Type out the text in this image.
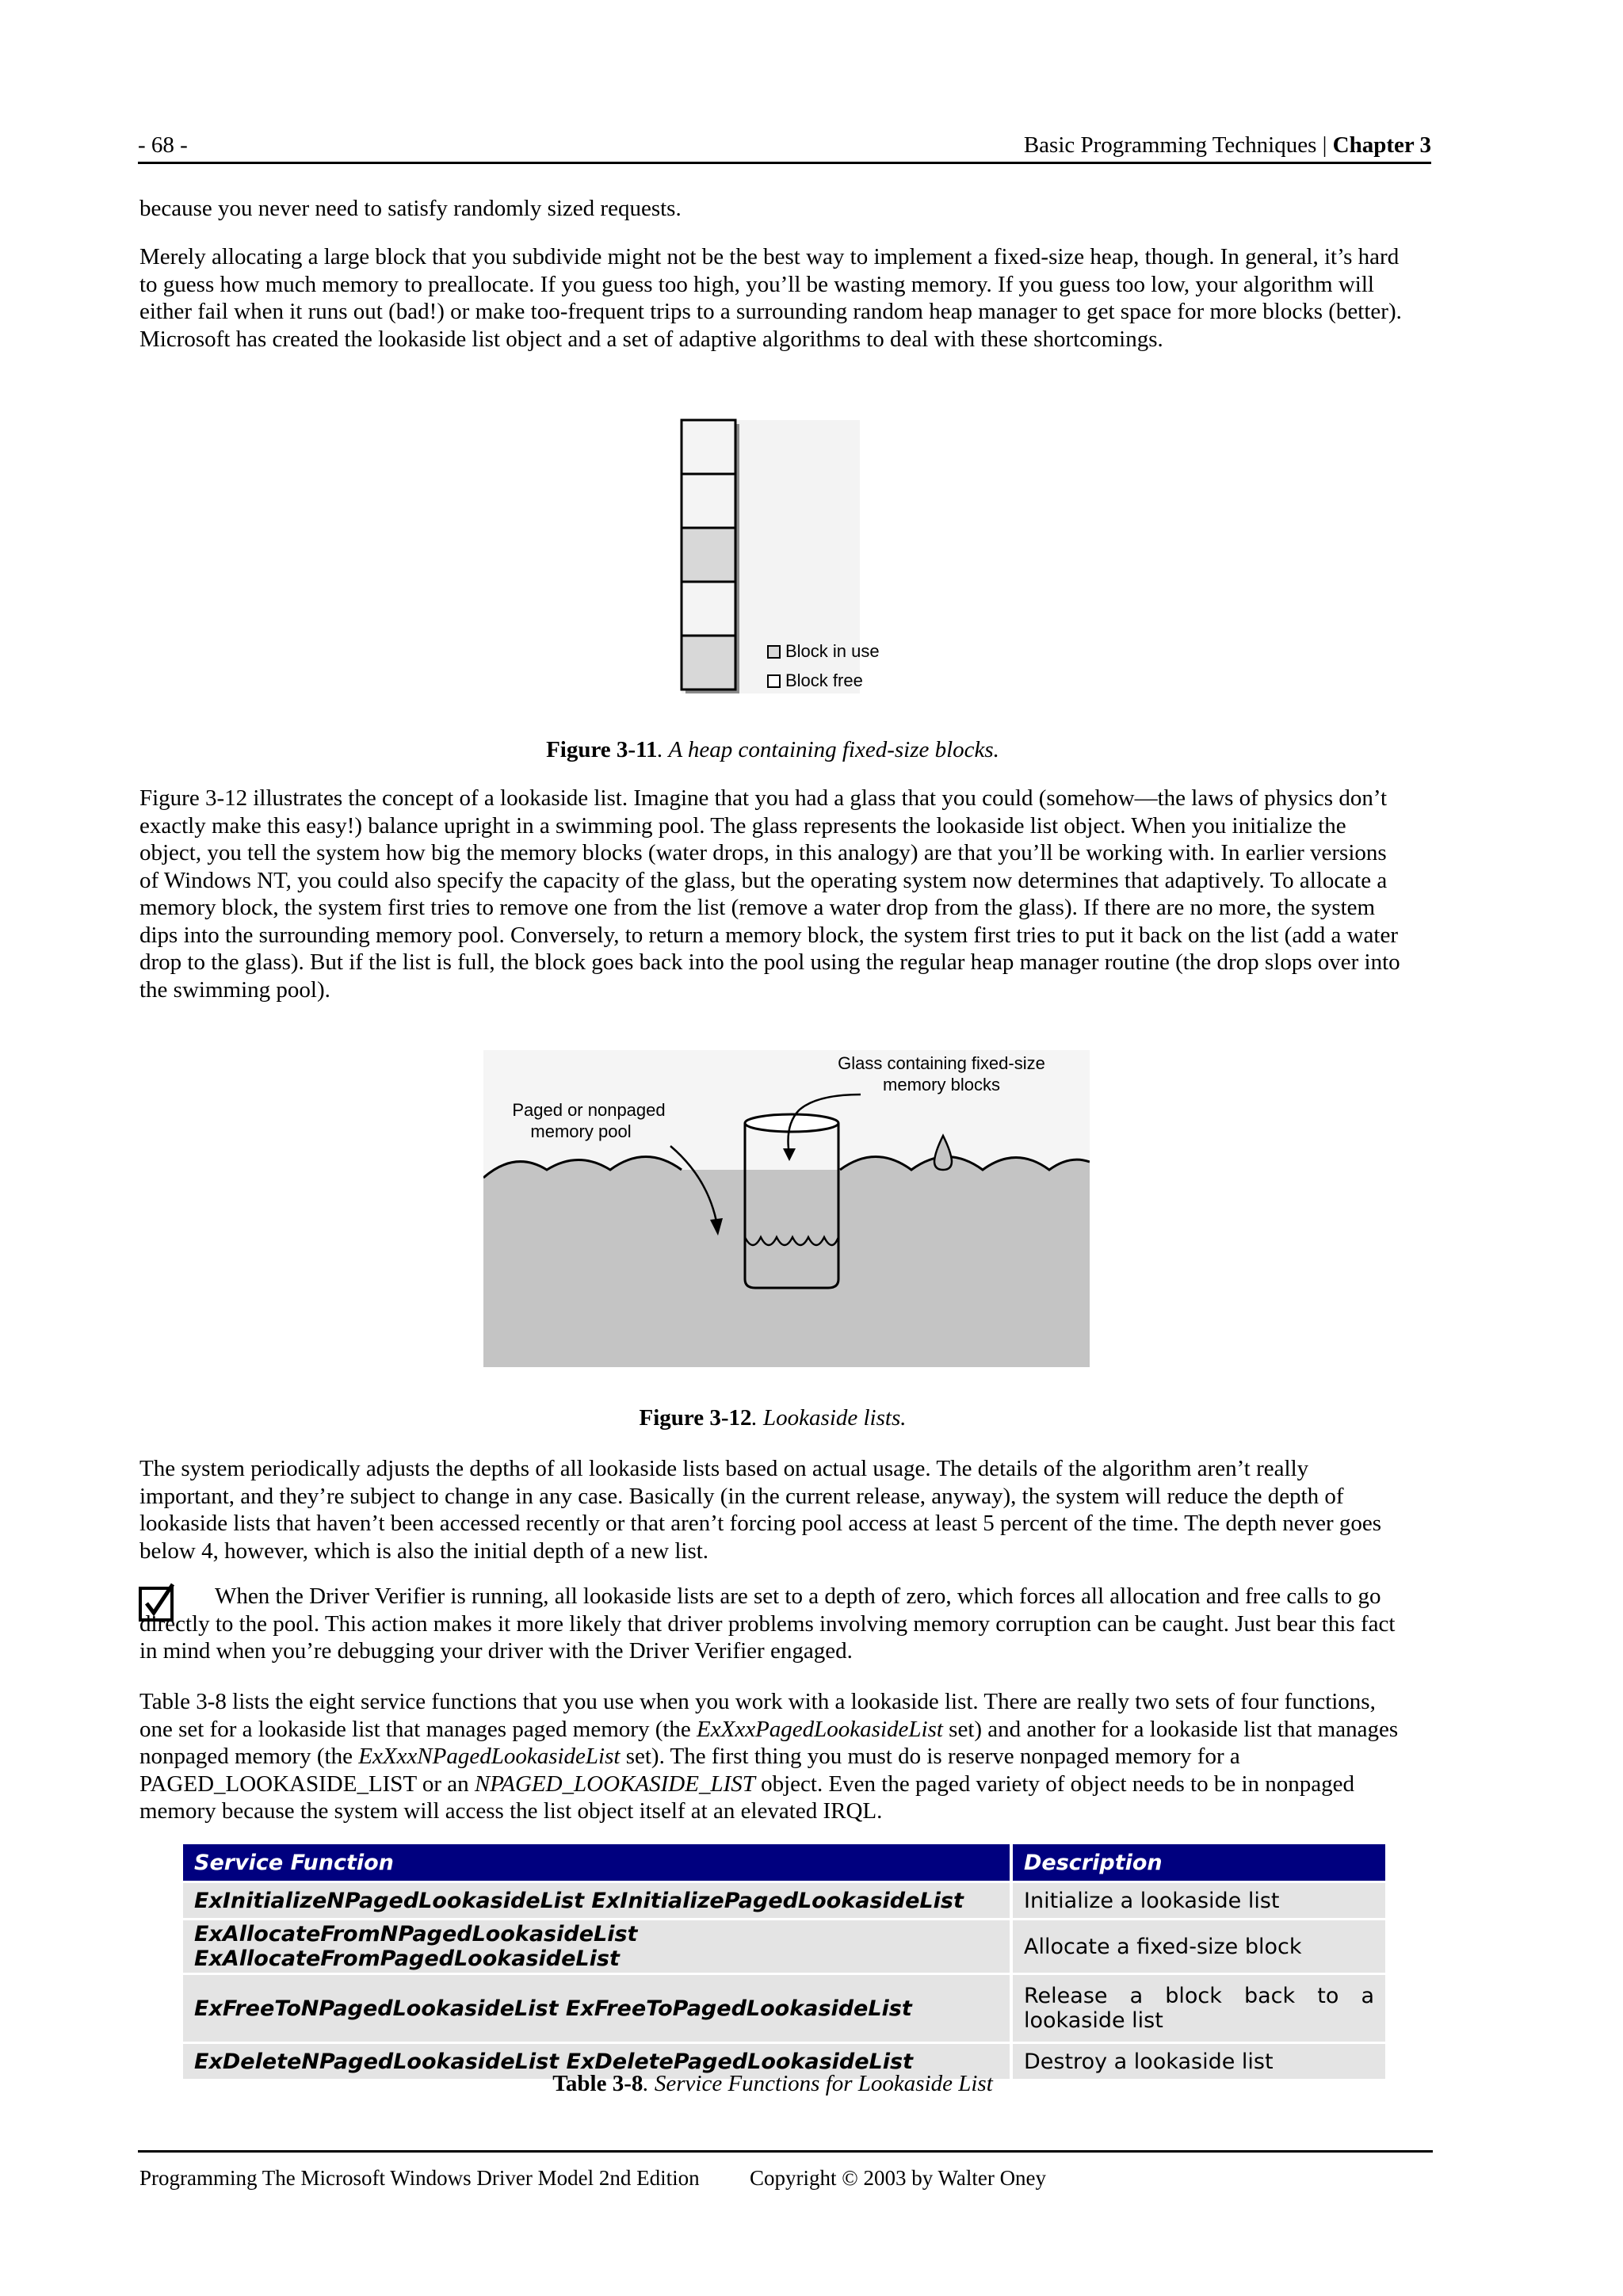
- 68 -	Basic Programming Techniques | Chapter 3
because you never need to satisfy randomly sized requests.
Merely allocating a large block that you subdivide might not be the best way to implement a fixed-size heap, though. In general, it’s hard to guess how much memory to preallocate. If you guess too high, you’ll be wasting memory. If you guess too low, your algorithm will either fail when it runs out (bad!) or make too-frequent trips to a surrounding random heap manager to get space for more blocks (better). Microsoft has created the lookaside list object and a set of adaptive algorithms to deal with these shortcomings.
Block in use
Block free
Figure 3-11. A heap containing fixed-size blocks.
Figure 3-12 illustrates the concept of a lookaside list. Imagine that you had a glass that you could (somehow—the laws of physics don’t exactly make this easy!) balance upright in a swimming pool. The glass represents the lookaside list object. When you initialize the object, you tell the system how big the memory blocks (water drops, in this analogy) are that you’ll be working with. In earlier versions of Windows NT, you could also specify the capacity of the glass, but the operating system now determines that adaptively. To allocate a memory block, the system first tries to remove one from the list (remove a water drop from the glass). If there are no more, the system dips into the surrounding memory pool. Conversely, to return a memory block, the system first tries to put it back on the list (add a water drop to the glass). But if the list is full, the block goes back into the pool using the regular heap manager routine (the drop slops over into the swimming pool).
Glass containing fixed-size
memory blocks
Paged or nonpaged
memory pool
Figure 3-12. Lookaside lists.
The system periodically adjusts the depths of all lookaside lists based on actual usage. The details of the algorithm aren’t really important, and they’re subject to change in any case. Basically (in the current release, anyway), the system will reduce the depth of lookaside lists that haven’t been accessed recently or that aren’t forcing pool access at least 5 percent of the time. The depth never goes below 4, however, which is also the initial depth of a new list.
When the Driver Verifier is running, all lookaside lists are set to a depth of zero, which forces all allocation and free calls to go directly to the pool. This action makes it more likely that driver problems involving memory corruption can be caught. Just bear this fact in mind when you’re debugging your driver with the Driver Verifier engaged.
Table 3-8 lists the eight service functions that you use when you work with a lookaside list. There are really two sets of four functions, one set for a lookaside list that manages paged memory (the ExXxxPagedLookasideList set) and another for a lookaside list that manages nonpaged memory (the ExXxxNPagedLookasideList set). The first thing you must do is reserve nonpaged memory for a PAGED_LOOKASIDE_LIST or an NPAGED_LOOKASIDE_LIST object. Even the paged variety of object needs to be in nonpaged memory because the system will access the list object itself at an elevated IRQL.
Service Function	Description
ExInitializeNPagedLookasideList ExInitializePagedLookasideList	Initialize a lookaside list
ExAllocateFromNPagedLookasideList ExAllocateFromPagedLookasideList	Allocate a fixed-size block
ExFreeToNPagedLookasideList ExFreeToPagedLookasideList	Release a block back to a lookaside list
ExDeleteNPagedLookasideList ExDeletePagedLookasideList	Destroy a lookaside list
Table 3-8. Service Functions for Lookaside List
Programming The Microsoft Windows Driver Model 2nd Edition Copyright © 2003 by Walter Oney
